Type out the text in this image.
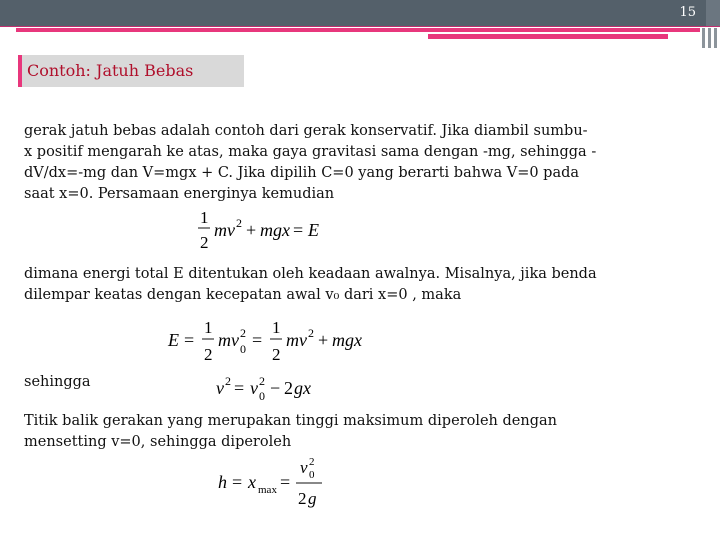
15
Contoh: Jatuh Bebas
gerak jatuh bebas adalah contoh dari gerak konservatif. Jika diambil sumbu-
x positif mengarah ke atas, maka gaya gravitasi sama dengan -mg, sehingga -
dV/dx=-mg dan V=mgx + C. Jika dipilih C=0 yang berarti bahwa V=0 pada
saat x=0. Persamaan energinya kemudian
1
2
mv 2 + mgx = E
dimana energi total E ditentukan oleh keadaan awalnya. Misalnya, jika benda
dilempar keatas dengan kecepatan awal v₀ dari x=0 , maka
E =
1
2
mv 2
0 =
1
2
mv 2 + mgx
sehingga	v 2 = v 2
0 − 2 gx
Titik balik gerakan yang merupakan tinggi maksimum diperoleh dengan
mensetting v=0, sehingga diperoleh
h = x max =
v 2
0
2 g
